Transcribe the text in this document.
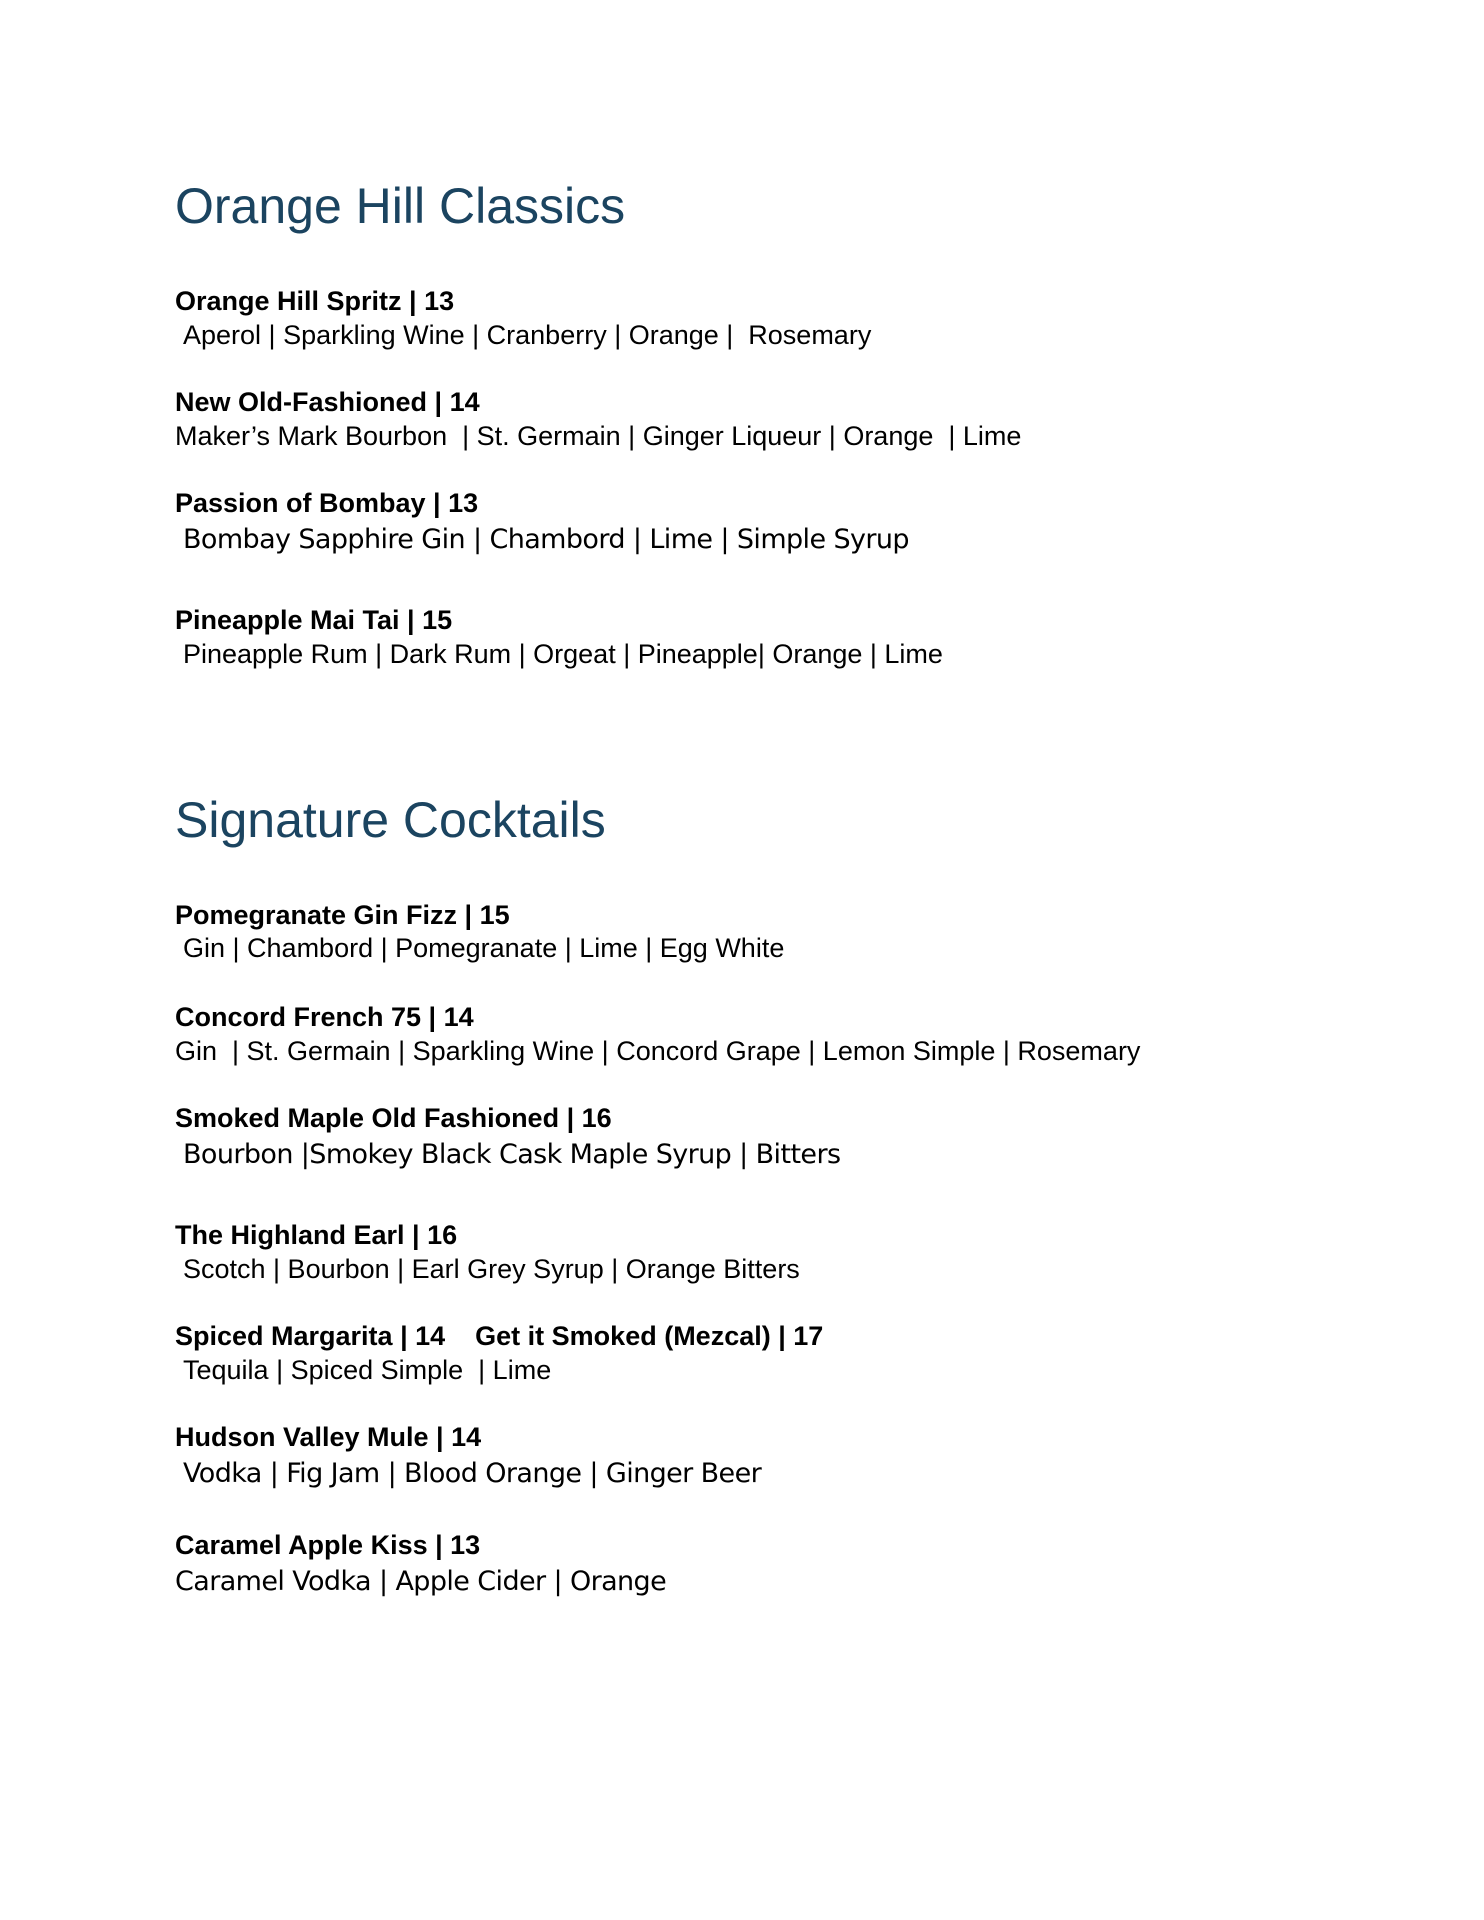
Orange Hill Classics
Orange Hill Spritz | 13
Aperol | Sparkling Wine | Cranberry | Orange |  Rosemary
New Old-Fashioned | 14
Maker’s Mark Bourbon  | St. Germain | Ginger Liqueur | Orange  | Lime
Passion of Bombay | 13
Bombay Sapphire Gin | Chambord | Lime | Simple Syrup
Pineapple Mai Tai | 15
Pineapple Rum | Dark Rum | Orgeat | Pineapple| Orange | Lime
Signature Cocktails
Pomegranate Gin Fizz | 15
Gin | Chambord | Pomegranate | Lime | Egg White
Concord French 75 | 14
Gin  | St. Germain | Sparkling Wine | Concord Grape | Lemon Simple | Rosemary
Smoked Maple Old Fashioned | 16
Bourbon |Smokey Black Cask Maple Syrup | Bitters
The Highland Earl | 16
Scotch | Bourbon | Earl Grey Syrup | Orange Bitters
Spiced Margarita | 14    Get it Smoked (Mezcal) | 17
Tequila | Spiced Simple  | Lime
Hudson Valley Mule | 14
Vodka | Fig Jam | Blood Orange | Ginger Beer
Caramel Apple Kiss | 13
Caramel Vodka | Apple Cider | Orange
